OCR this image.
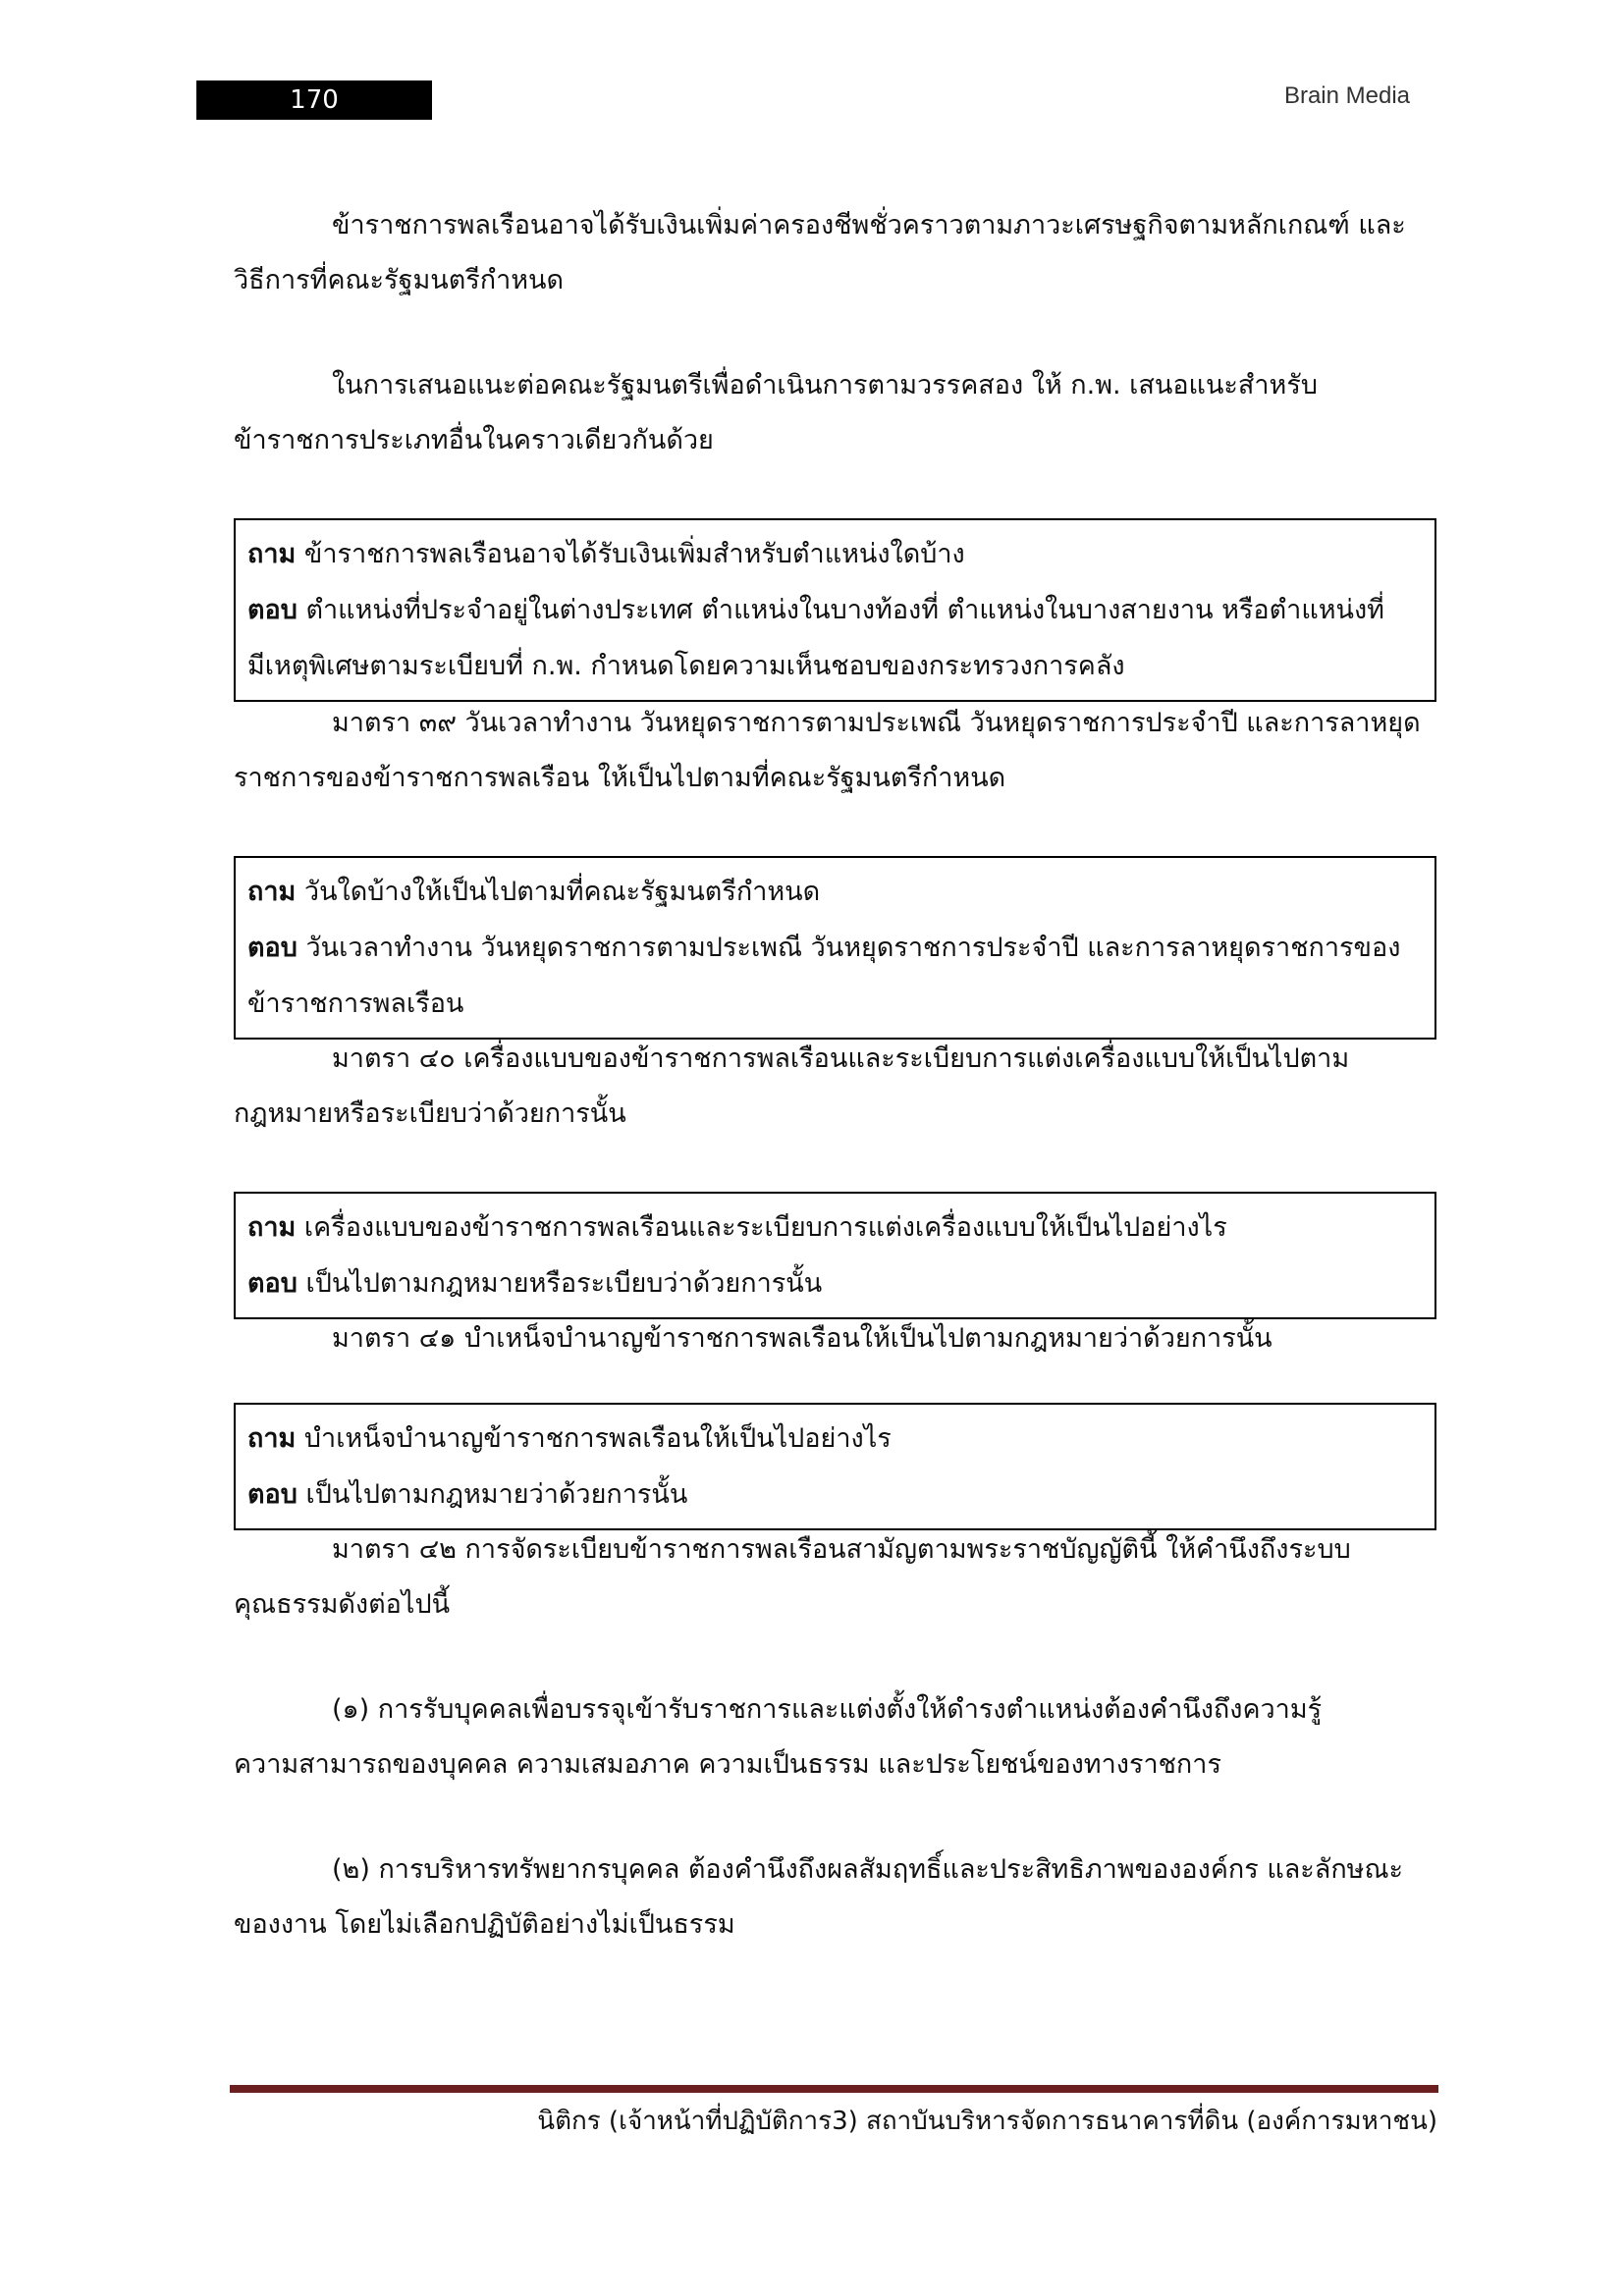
170	Brain Media
ข้าราชการพลเรือนอาจได้รับเงินเพิ่มค่าครองชีพชั่วคราวตามภาวะเศรษฐกิจตามหลักเกณฑ์ และ
วิธีการที่คณะรัฐมนตรีกำหนด
ในการเสนอแนะต่อคณะรัฐมนตรีเพื่อดำเนินการตามวรรคสอง ให้ ก.พ. เสนอแนะสำหรับ
ข้าราชการประเภทอื่นในคราวเดียวกันด้วย
ถาม ข้าราชการพลเรือนอาจได้รับเงินเพิ่มสำหรับตำแหน่งใดบ้าง
ตอบ ตำแหน่งที่ประจำอยู่ในต่างประเทศ ตำแหน่งในบางท้องที่ ตำแหน่งในบางสายงาน หรือตำแหน่งที่
มีเหตุพิเศษตามระเบียบที่ ก.พ. กำหนดโดยความเห็นชอบของกระทรวงการคลัง
มาตรา ๓๙ วันเวลาทำงาน วันหยุดราชการตามประเพณี วันหยุดราชการประจำปี และการลาหยุด
ราชการของข้าราชการพลเรือน ให้เป็นไปตามที่คณะรัฐมนตรีกำหนด
ถาม วันใดบ้างให้เป็นไปตามที่คณะรัฐมนตรีกำหนด
ตอบ วันเวลาทำงาน วันหยุดราชการตามประเพณี วันหยุดราชการประจำปี และการลาหยุดราชการของ
ข้าราชการพลเรือน
มาตรา ๔๐ เครื่องแบบของข้าราชการพลเรือนและระเบียบการแต่งเครื่องแบบให้เป็นไปตาม
กฎหมายหรือระเบียบว่าด้วยการนั้น
ถาม เครื่องแบบของข้าราชการพลเรือนและระเบียบการแต่งเครื่องแบบให้เป็นไปอย่างไร
ตอบ เป็นไปตามกฎหมายหรือระเบียบว่าด้วยการนั้น
มาตรา ๔๑ บำเหน็จบำนาญข้าราชการพลเรือนให้เป็นไปตามกฎหมายว่าด้วยการนั้น
ถาม บำเหน็จบำนาญข้าราชการพลเรือนให้เป็นไปอย่างไร
ตอบ เป็นไปตามกฎหมายว่าด้วยการนั้น
มาตรา ๔๒ การจัดระเบียบข้าราชการพลเรือนสามัญตามพระราชบัญญัตินี้ ให้คำนึงถึงระบบ
คุณธรรมดังต่อไปนี้
(๑) การรับบุคคลเพื่อบรรจุเข้ารับราชการและแต่งตั้งให้ดำรงตำแหน่งต้องคำนึงถึงความรู้
ความสามารถของบุคคล ความเสมอภาค ความเป็นธรรม และประโยชน์ของทางราชการ
(๒) การบริหารทรัพยากรบุคคล ต้องคำนึงถึงผลสัมฤทธิ์และประสิทธิภาพขององค์กร และลักษณะ
ของงาน โดยไม่เลือกปฏิบัติอย่างไม่เป็นธรรม
นิติกร (เจ้าหน้าที่ปฏิบัติการ3) สถาบันบริหารจัดการธนาคารที่ดิน (องค์การมหาชน)
